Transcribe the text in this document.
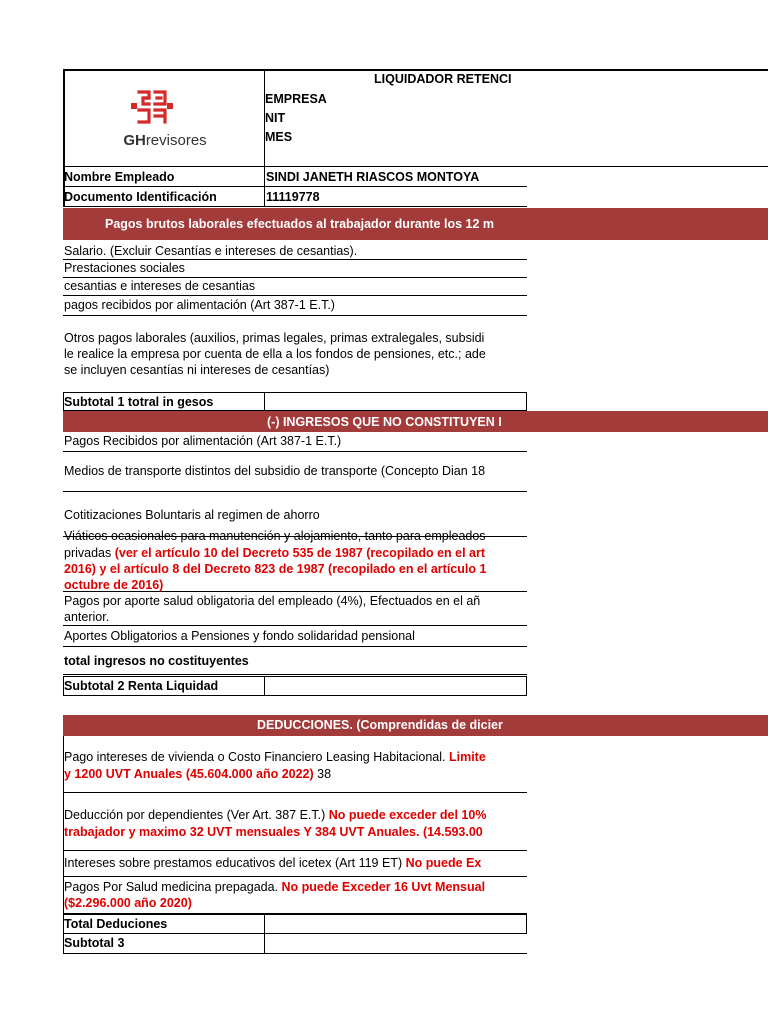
GHrevisores
LIQUIDADOR RETENCI
EMPRESA
NIT
MES
Nombre Empleado	SINDI JANETH RIASCOS MONTOYA
Documento Identificación	11119778
Pagos brutos laborales efectuados al trabajador durante los 12 m
Salario. (Excluir Cesantías e intereses de cesantias).
Prestaciones sociales
cesantias e intereses de cesantias
pagos recibidos por alimentación (Art 387-1 E.T.)
Otros pagos laborales (auxilios, primas legales, primas extralegales, subsidi
le realice la empresa por cuenta de ella a los fondos de pensiones, etc.; ade
se incluyen cesantías ni intereses de cesantías)
Subtotal 1 totral in gesos
(-) INGRESOS QUE NO CONSTITUYEN I
Pagos Recibidos por alimentación (Art 387-1 E.T.)
Medios de transporte distintos del subsidio de transporte (Concepto Dian 18
Cotitizaciones Boluntaris al regimen de ahorro
Viáticos ocasionales para manutención y alojamiento, tanto para empleados
privadas (ver el artículo 10 del Decreto 535 de 1987 (recopilado en el art
2016) y el artículo 8 del Decreto 823 de 1987 (recopilado en el artículo 1
octubre de 2016)
Pagos por aporte salud obligatoria del empleado (4%), Efectuados en el añ
anterior.
Aportes Obligatorios a Pensiones y fondo solidaridad pensional
total ingresos no costituyentes
Subtotal 2 Renta Liquidad
DEDUCCIONES. (Comprendidas de dicier
Pago intereses de vivienda o Costo Financiero Leasing Habitacional. Limite
y 1200 UVT Anuales (45.604.000 año 2022) 38
Deducción por dependientes (Ver Art. 387 E.T.) No puede exceder del 10%
trabajador y maximo 32 UVT mensuales Y 384 UVT Anuales. (14.593.00
Intereses sobre prestamos educativos del icetex (Art 119 ET) No puede Ex
Pagos Por Salud medicina prepagada. No puede Exceder 16 Uvt Mensual
($2.296.000 año 2020)
Total Deduciones
Subtotal 3
